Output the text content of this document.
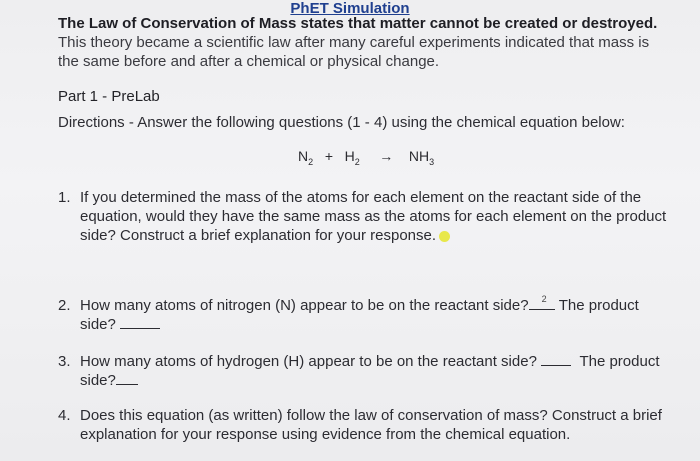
PhET Simulation
The Law of Conservation of Mass states that matter cannot be created or destroyed. This theory became a scientific law after many careful experiments indicated that mass is the same before and after a chemical or physical change.
Part 1 - PreLab
Directions - Answer the following questions (1 - 4) using the chemical equation below:
$N_2 + H_2 \to NH_3$
1. If you determined the mass of the atoms for each element on the reactant side of the equation, would they have the same mass as the atoms for each element on the product side? Construct a brief explanation for your response.
2. How many atoms of nitrogen (N) appear to be on the reactant side? 2 The product
side?
3. How many atoms of hydrogen (H) appear to be on the reactant side?	The product
side?
4. Does this equation (as written) follow the law of conservation of mass? Construct a brief explanation for your response using evidence from the chemical equation.
